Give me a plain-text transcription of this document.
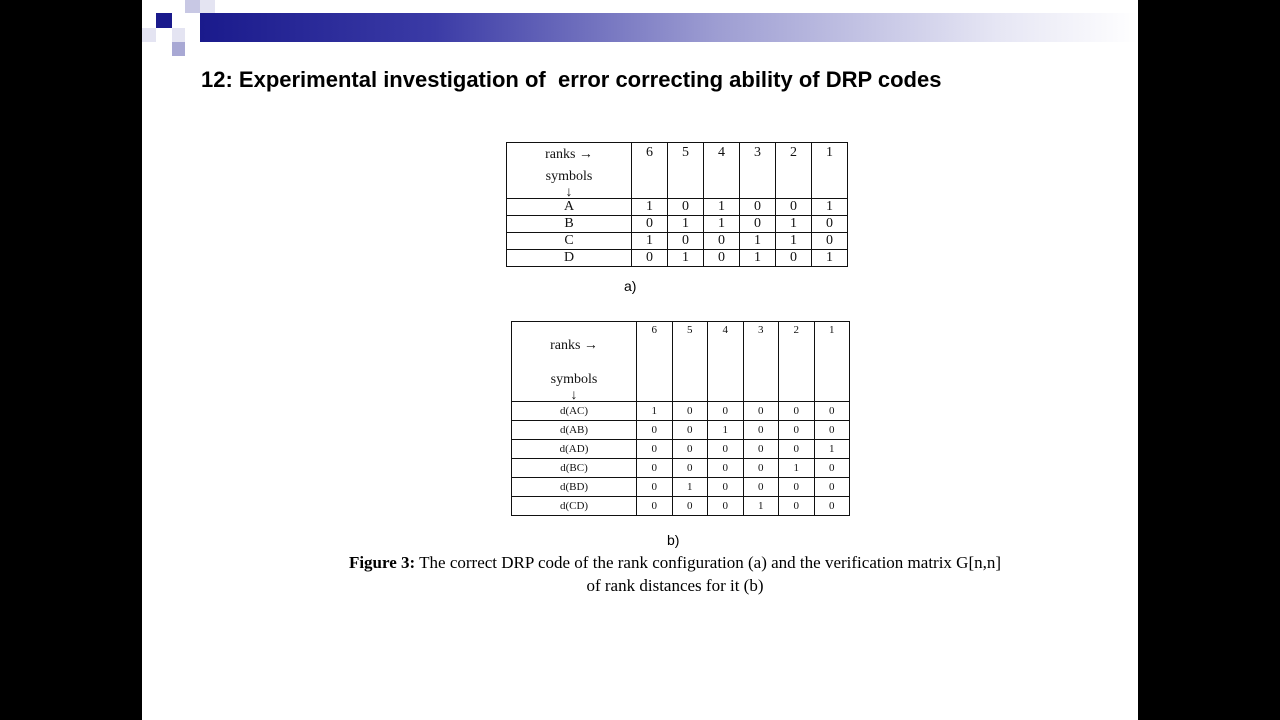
12: Experimental investigation of  error correcting ability of DRP codes
ranks →
symbols
↓	6	5	4	3	2	1
A	1	0	1	0	0	1
B	0	1	1	0	1	0
C	1	0	0	1	1	0
D	0	1	0	1	0	1
a)
ranks →
symbols
↓	6	5	4	3	2	1
d(AC)	1	0	0	0	0	0
d(AB)	0	0	1	0	0	0
d(AD)	0	0	0	0	0	1
d(BC)	0	0	0	0	1	0
d(BD)	0	1	0	0	0	0
d(CD)	0	0	0	1	0	0
b)
Figure 3: The correct DRP code of the rank configuration (a) and the verification matrix G[n,n]
of rank distances for it (b)
